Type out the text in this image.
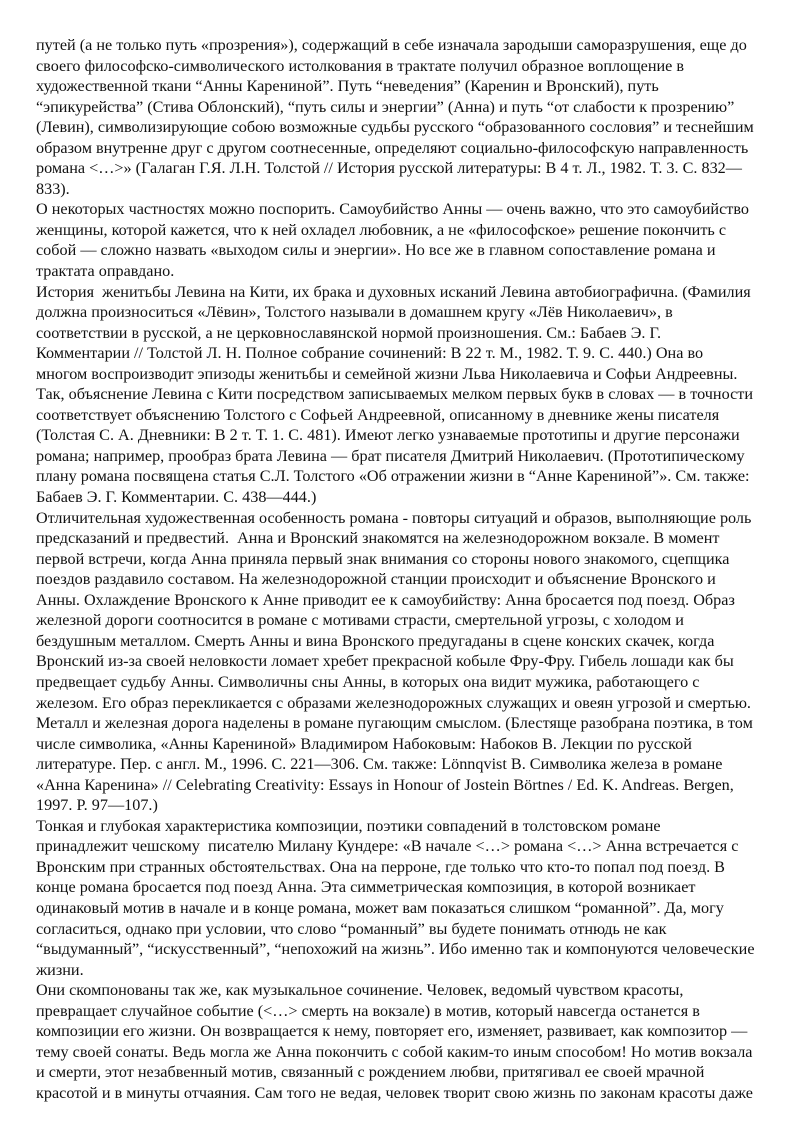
путей (а не только путь «прозрения»), содержащий в себе изначала зародыши саморазрушения, еще до
своего философско-символического истолкования в трактате получил образное воплощение в
художественной ткани “Анны Карениной”. Путь “неведения” (Каренин и Вронский), путь
“эпикурейства” (Стива Облонский), “путь силы и энергии” (Анна) и путь “от слабости к прозрению”
(Левин), символизирующие собою возможные судьбы русского “образованного сословия” и теснейшим
образом внутренне друг с другом соотнесенные, определяют социально-философскую направленность
романа <…>» (Галаган Г.Я. Л.Н. Толстой // История русской литературы: В 4 т. Л., 1982. Т. 3. С. 832—
833).

О некоторых частностях можно поспорить. Самоубийство Анны — очень важно, что это самоубийство
женщины, которой кажется, что к ней охладел любовник, а не «философское» решение покончить с
собой — сложно назвать «выходом силы и энергии». Но все же в главном сопоставление романа и
трактата оправдано.

История  женитьбы Левина на Кити, их брака и духовных исканий Левина автобиографична. (Фамилия
должна произноситься «Лёвин», Толстого называли в домашнем кругу «Лёв Николаевич», в
соответствии в русской, а не церковнославянской нормой произношения. См.: Бабаев Э. Г.
Комментарии // Толстой Л. Н. Полное собрание сочинений: В 22 т. М., 1982. Т. 9. С. 440.) Она во
многом воспроизводит эпизоды женитьбы и семейной жизни Льва Николаевича и Софьи Андреевны.
Так, объяснение Левина с Кити посредством записываемых мелком первых букв в словах — в точности
соответствует объяснению Толстого с Софьей Андреевной, описанному в дневнике жены писателя
(Толстая С. А. Дневники: В 2 т. Т. 1. С. 481). Имеют легко узнаваемые прототипы и другие персонажи
романа; например, прообраз брата Левина — брат писателя Дмитрий Николаевич. (Прототипическому
плану романа посвящена статья С.Л. Толстого «Об отражении жизни в “Анне Карениной”». См. также:
Бабаев Э. Г. Комментарии. С. 438—444.)

Отличительная художественная особенность романа - повторы ситуаций и образов, выполняющие роль
предсказаний и предвестий.  Анна и Вронский знакомятся на железнодорожном вокзале. В момент
первой встречи, когда Анна приняла первый знак внимания со стороны нового знакомого, сцепщика
поездов раздавило составом. На железнодорожной станции происходит и объяснение Вронского и
Анны. Охлаждение Вронского к Анне приводит ее к самоубийству: Анна бросается под поезд. Образ
железной дороги соотносится в романе с мотивами страсти, смертельной угрозы, с холодом и
бездушным металлом. Смерть Анны и вина Вронского предугаданы в сцене конских скачек, когда
Вронский из-за своей неловкости ломает хребет прекрасной кобыле Фру-Фру. Гибель лошади как бы
предвещает судьбу Анны. Символичны сны Анны, в которых она видит мужика, работающего с
железом. Его образ перекликается с образами железнодорожных служащих и овеян угрозой и смертью.
Металл и железная дорога наделены в романе пугающим смыслом. (Блестяще разобрана поэтика, в том
числе символика, «Анны Карениной» Владимиром Набоковым: Набоков В. Лекции по русской
литературе. Пер. с англ. М., 1996. С. 221—306. См. также: Lönnqvist B. Символика железа в романе
«Анна Каренина» // Celebrating Creativity: Essays in Honour of Jostein Börtnes / Ed. K. Andreas. Bergen,
1997. P. 97—107.)

Тонкая и глубокая характеристика композиции, поэтики совпадений в толстовском романе
принадлежит чешскому  писателю Милану Кундере: «В начале <…> романа <…> Анна встречается с
Вронским при странных обстоятельствах. Она на перроне, где только что кто-то попал под поезд. В
конце романа бросается под поезд Анна. Эта симметрическая композиция, в которой возникает
одинаковый мотив в начале и в конце романа, может вам показаться слишком “романной”. Да, могу
согласиться, однако при условии, что слово “романный” вы будете понимать отнюдь не как
“выдуманный”, “искусственный”, “непохожий на жизнь”. Ибо именно так и компонуются человеческие
жизни.

Они скомпонованы так же, как музыкальное сочинение. Человек, ведомый чувством красоты,
превращает случайное событие (<…> смерть на вокзале) в мотив, который навсегда останется в
композиции его жизни. Он возвращается к нему, повторяет его, изменяет, развивает, как композитор —
тему своей сонаты. Ведь могла же Анна покончить с собой каким-то иным способом! Но мотив вокзала
и смерти, этот незабвенный мотив, связанный с рождением любви, притягивал ее своей мрачной
красотой и в минуты отчаяния. Сам того не ведая, человек творит свою жизнь по законам красоты даже
